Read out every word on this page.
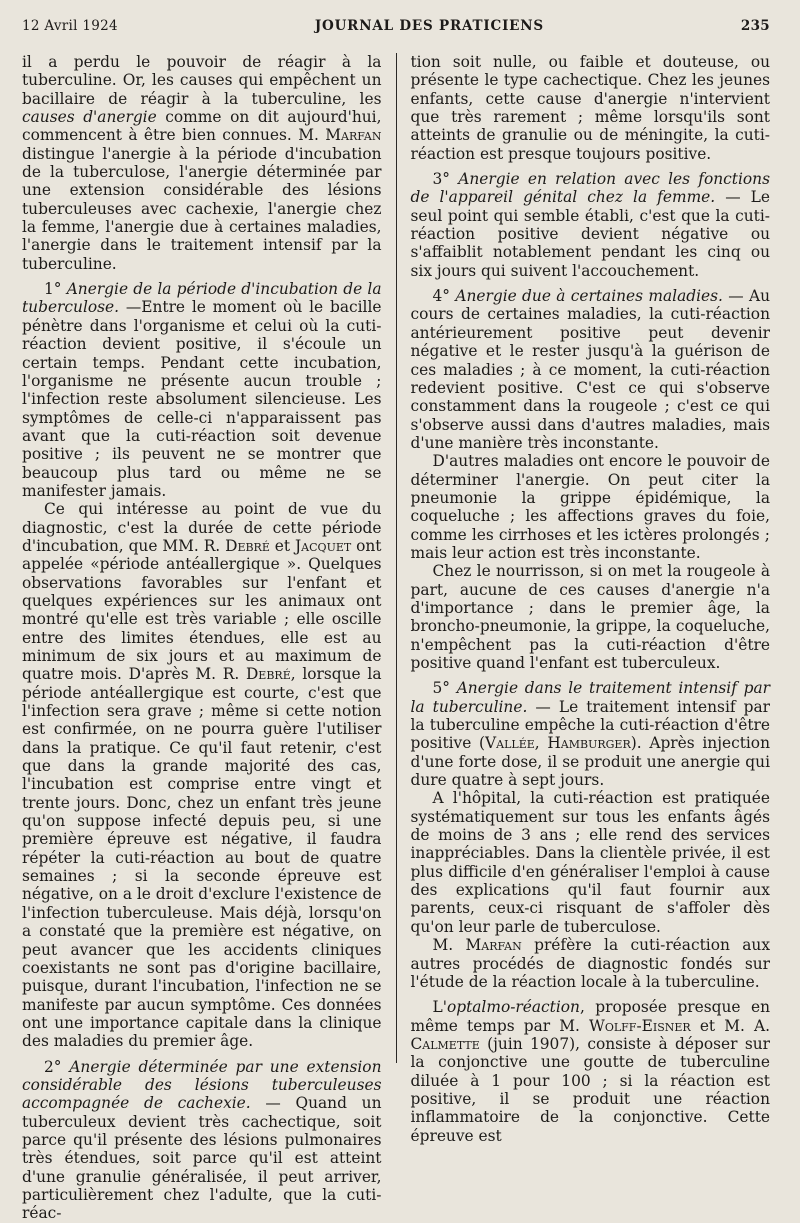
12 Avril 1924	JOURNAL DES PRATICIENS	235

il a perdu le pouvoir de réagir à la tuberculine. Or, les causes qui empêchent un bacillaire de réagir à la tuberculine, les causes d'anergie comme on dit aujourd'hui, commencent à être bien connues. M. Marfan distingue l'anergie à la période d'incubation de la tuberculose, l'anergie déterminée par une extension considérable des lésions tuberculeuses avec cachexie, l'anergie chez la femme, l'anergie due à certaines maladies, l'anergie dans le traitement intensif par la tuberculine.

1° Anergie de la période d'incubation de la tuberculose. —Entre le moment où le bacille pénètre dans l'organisme et celui où la cuti-réaction devient positive, il s'écoule un certain temps. Pendant cette incubation, l'organisme ne présente aucun trouble ; l'infection reste absolument silencieuse. Les symptômes de celle-ci n'apparaissent pas avant que la cuti-réaction soit devenue positive ; ils peuvent ne se montrer que beaucoup plus tard ou même ne se manifester jamais.

Ce qui intéresse au point de vue du diagnostic, c'est la durée de cette période d'incubation, que MM. R. Debré et Jacquet ont appelée «période antéallergique ». Quelques observations favorables sur l'enfant et quelques expériences sur les animaux ont montré qu'elle est très variable ; elle oscille entre des limites étendues, elle est au minimum de six jours et au maximum de quatre mois. D'après M. R. Debré, lorsque la période antéallergique est courte, c'est que l'infection sera grave ; même si cette notion est confirmée, on ne pourra guère l'utiliser dans la pratique. Ce qu'il faut retenir, c'est que dans la grande majorité des cas, l'incubation est comprise entre vingt et trente jours. Donc, chez un enfant très jeune qu'on suppose infecté depuis peu, si une première épreuve est négative, il faudra répéter la cuti-réaction au bout de quatre semaines ; si la seconde épreuve est négative, on a le droit d'exclure l'existence de l'infection tuberculeuse. Mais déjà, lorsqu'on a constaté que la première est négative, on peut avancer que les accidents cliniques coexistants ne sont pas d'origine bacillaire, puisque, durant l'incubation, l'infection ne se manifeste par aucun symptôme. Ces données ont une importance capitale dans la clinique des maladies du premier âge.

2° Anergie déterminée par une extension considérable des lésions tuberculeuses accompagnée de cachexie. — Quand un tuberculeux devient très cachectique, soit parce qu'il présente des lésions pulmonaires très étendues, soit parce qu'il est atteint d'une granulie généralisée, il peut arriver, particulièrement chez l'adulte, que la cuti-réac-

tion soit nulle, ou faible et douteuse, ou présente le type cachectique. Chez les jeunes enfants, cette cause d'anergie n'intervient que très rarement ; même lorsqu'ils sont atteints de granulie ou de méningite, la cuti-réaction est presque toujours positive.

3° Anergie en relation avec les fonctions de l'appareil génital chez la femme. — Le seul point qui semble établi, c'est que la cuti-réaction positive devient négative ou s'affaiblit notablement pendant les cinq ou six jours qui suivent l'accouchement.

4° Anergie due à certaines maladies. — Au cours de certaines maladies, la cuti-réaction antérieurement positive peut devenir négative et le rester jusqu'à la guérison de ces maladies ; à ce moment, la cuti-réaction redevient positive. C'est ce qui s'observe constamment dans la rougeole ; c'est ce qui s'observe aussi dans d'autres maladies, mais d'une manière très inconstante.

D'autres maladies ont encore le pouvoir de déterminer l'anergie. On peut citer la pneumonie la grippe épidémique, la coqueluche ; les affections graves du foie, comme les cirrhoses et les ictères prolongés ; mais leur action est très inconstante.

Chez le nourrisson, si on met la rougeole à part, aucune de ces causes d'anergie n'a d'importance ; dans le premier âge, la broncho-pneumonie, la grippe, la coqueluche, n'empêchent pas la cuti-réaction d'être positive quand l'enfant est tuberculeux.

5° Anergie dans le traitement intensif par la tuberculine. — Le traitement intensif par la tuberculine empêche la cuti-réaction d'être positive (Vallée, Hamburger). Après injection d'une forte dose, il se produit une anergie qui dure quatre à sept jours.

A l'hôpital, la cuti-réaction est pratiquée systématiquement sur tous les enfants âgés de moins de 3 ans ; elle rend des services inappréciables. Dans la clientèle privée, il est plus difficile d'en généraliser l'emploi à cause des explications qu'il faut fournir aux parents, ceux-ci risquant de s'affoler dès qu'on leur parle de tuberculose.

M. Marfan préfère la cuti-réaction aux autres procédés de diagnostic fondés sur l'étude de la réaction locale à la tuberculine.

L'optalmo-réaction, proposée presque en même temps par M. Wolff-Eisner et M. A. Calmette (juin 1907), consiste à déposer sur la conjonctive une goutte de tuberculine diluée à 1 pour 100 ; si la réaction est positive, il se produit une réaction inflammatoire de la conjonctive. Cette épreuve est
